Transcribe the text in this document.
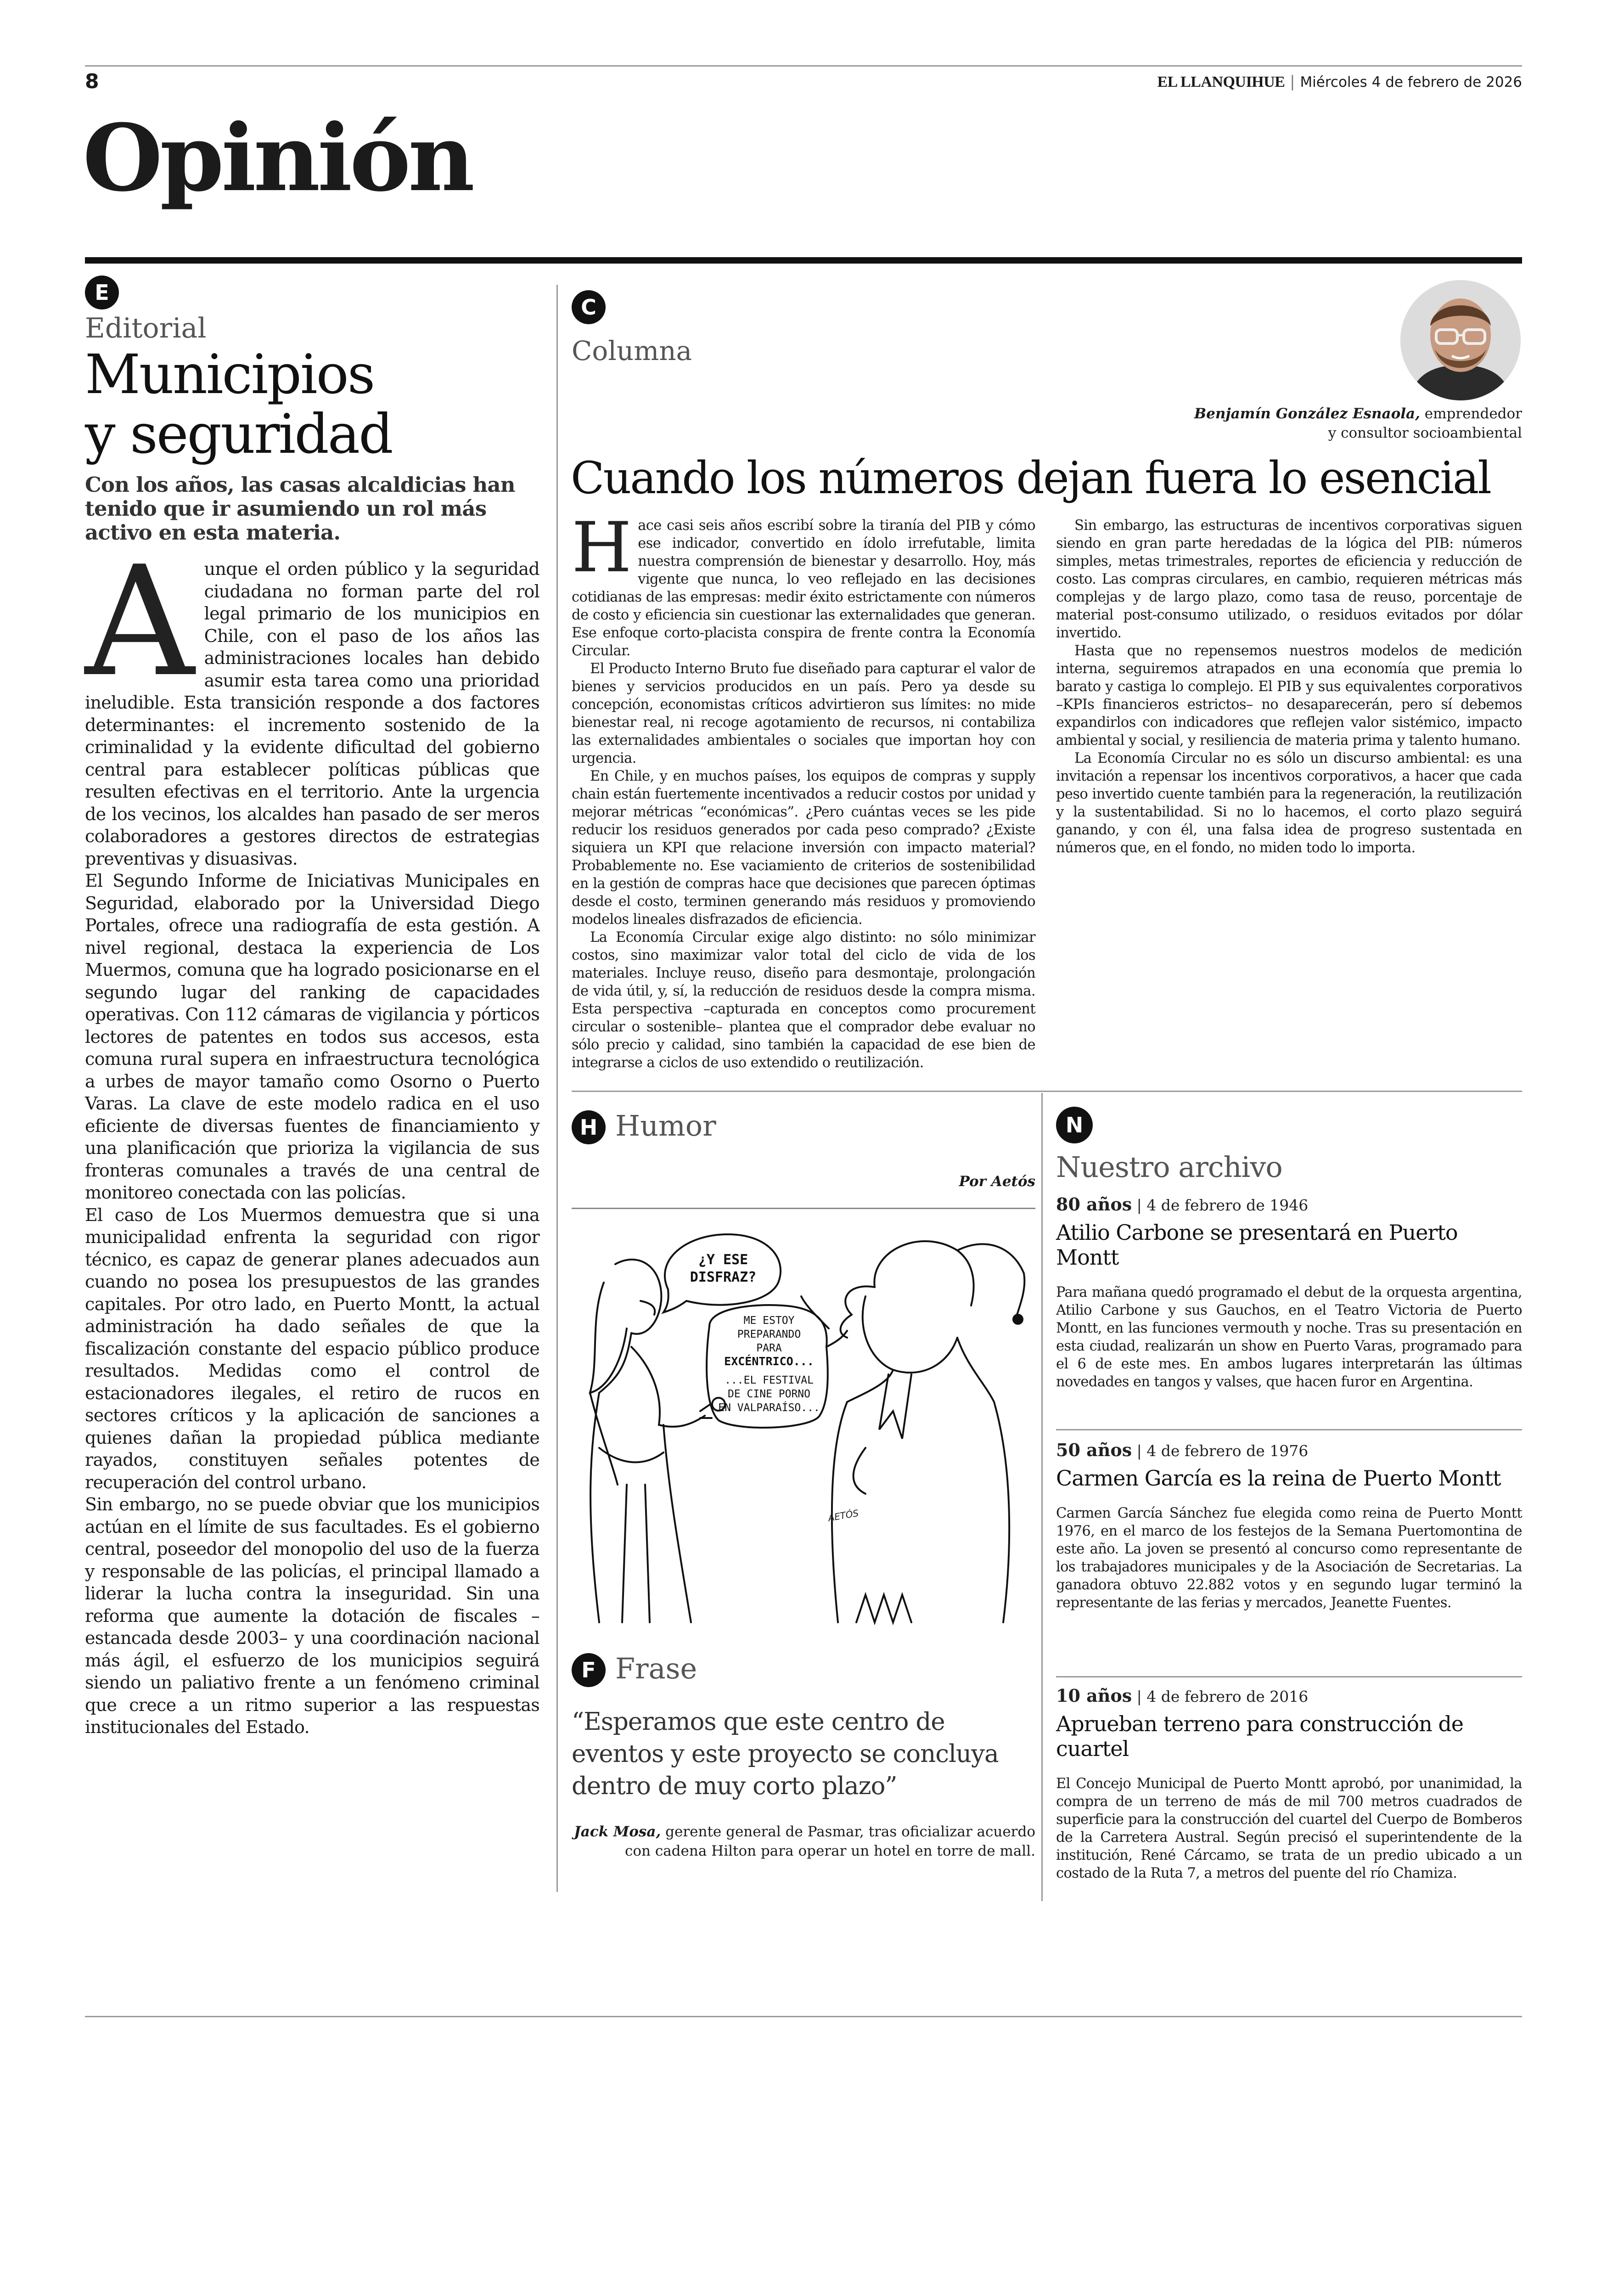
8	EL LLANQUIHUE | Miércoles 4 de febrero de 2026
Opinión
E
Editorial
Municipios
y seguridad
Con los años, las casas alcaldicias han tenido que ir asumiendo un rol más activo en esta materia.

Aunque el orden público y la seguridad ciudadana no forman parte del rol legal primario de los municipios en Chile, con el paso de los años las administraciones locales han debido asumir esta tarea como una prioridad ineludible. Esta transición responde a dos factores determinantes: el incremento sostenido de la criminalidad y la evidente dificultad del gobierno central para establecer políticas públicas que resulten efectivas en el territorio. Ante la urgencia de los vecinos, los alcaldes han pasado de ser meros colaboradores a gestores directos de estrategias preventivas y disuasivas.

El Segundo Informe de Iniciativas Municipales en Seguridad, elaborado por la Universidad Diego Portales, ofrece una radiografía de esta gestión. A nivel regional, destaca la experiencia de Los Muermos, comuna que ha logrado posicionarse en el segundo lugar del ranking de capacidades operativas. Con 112 cámaras de vigilancia y pórticos lectores de patentes en todos sus accesos, esta comuna rural supera en infraestructura tecnológica a urbes de mayor tamaño como Osorno o Puerto Varas. La clave de este modelo radica en el uso eficiente de diversas fuentes de financiamiento y una planificación que prioriza la vigilancia de sus fronteras comunales a través de una central de monitoreo conectada con las policías.

El caso de Los Muermos demuestra que si una municipalidad enfrenta la seguridad con rigor técnico, es capaz de generar planes adecuados aun cuando no posea los presupuestos de las grandes capitales. Por otro lado, en Puerto Montt, la actual administración ha dado señales de que la fiscalización constante del espacio público produce resultados. Medidas como el control de estacionadores ilegales, el retiro de rucos en sectores críticos y la aplicación de sanciones a quienes dañan la propiedad pública mediante rayados, constituyen señales potentes de recuperación del control urbano.

Sin embargo, no se puede obviar que los municipios actúan en el límite de sus facultades. Es el gobierno central, poseedor del monopolio del uso de la fuerza y responsable de las policías, el principal llamado a liderar la lucha contra la inseguridad. Sin una reforma que aumente la dotación de fiscales –estancada desde 2003– y una coordinación nacional más ágil, el esfuerzo de los municipios seguirá siendo un paliativo frente a un fenómeno criminal que crece a un ritmo superior a las respuestas institucionales del Estado.

C
Columna
Benjamín González Esnaola, emprendedor
y consultor socioambiental
Cuando los números dejan fuera lo esencial

Hace casi seis años escribí sobre la tiranía del PIB y cómo ese indicador, convertido en ídolo irrefutable, limita nuestra comprensión de bienestar y desarrollo. Hoy, más vigente que nunca, lo veo reflejado en las decisiones cotidianas de las empresas: medir éxito estrictamente con números de costo y eficiencia sin cuestionar las externalidades que generan. Ese enfoque corto-placista conspira de frente contra la Economía Circular.

El Producto Interno Bruto fue diseñado para capturar el valor de bienes y servicios producidos en un país. Pero ya desde su concepción, economistas críticos advirtieron sus límites: no mide bienestar real, ni recoge agotamiento de recursos, ni contabiliza las externalidades ambientales o sociales que importan hoy con urgencia.

En Chile, y en muchos países, los equipos de compras y supply chain están fuertemente incentivados a reducir costos por unidad y mejorar métricas “económicas”. ¿Pero cuántas veces se les pide reducir los residuos generados por cada peso comprado? ¿Existe siquiera un KPI que relacione inversión con impacto material? Probablemente no. Ese vaciamiento de criterios de sostenibilidad en la gestión de compras hace que decisiones que parecen óptimas desde el costo, terminen generando más residuos y promoviendo modelos lineales disfrazados de eficiencia.

La Economía Circular exige algo distinto: no sólo minimizar costos, sino maximizar valor total del ciclo de vida de los materiales. Incluye reuso, diseño para desmontaje, prolongación de vida útil, y, sí, la reducción de residuos desde la compra misma. Esta perspectiva –capturada en conceptos como procurement circular o sostenible– plantea que el comprador debe evaluar no sólo precio y calidad, sino también la capacidad de ese bien de integrarse a ciclos de uso extendido o reutilización.

Sin embargo, las estructuras de incentivos corporativas siguen siendo en gran parte heredadas de la lógica del PIB: números simples, metas trimestrales, reportes de eficiencia y reducción de costo. Las compras circulares, en cambio, requieren métricas más complejas y de largo plazo, como tasa de reuso, porcentaje de material post-consumo utilizado, o residuos evitados por dólar invertido.

Hasta que no repensemos nuestros modelos de medición interna, seguiremos atrapados en una economía que premia lo barato y castiga lo complejo. El PIB y sus equivalentes corporativos –KPIs financieros estrictos– no desaparecerán, pero sí debemos expandirlos con indicadores que reflejen valor sistémico, impacto ambiental y social, y resiliencia de materia prima y talento humano.

La Economía Circular no es sólo un discurso ambiental: es una invitación a repensar los incentivos corporativos, a hacer que cada peso invertido cuente también para la regeneración, la reutilización y la sustentabilidad. Si no lo hacemos, el corto plazo seguirá ganando, y con él, una falsa idea de progreso sustentada en números que, en el fondo, no miden todo lo importa.

H Humor
Por Aetós
¿Y ESE
DISFRAZ?
ME ESTOY
PREPARANDO
PARA
EXCÉNTRICO...
...EL FESTIVAL
DE CINE PORNO
EN VALPARAÍSO...
AETÓS
F Frase
“Esperamos que este centro de eventos y este proyecto se concluya dentro de muy corto plazo”
Jack Mosa, gerente general de Pasmar, tras oficializar acuerdo
con cadena Hilton para operar un hotel en torre de mall.
N
Nuestro archivo
80 años | 4 de febrero de 1946
Atilio Carbone se presentará en Puerto Montt

Para mañana quedó programado el debut de la orquesta argentina, Atilio Carbone y sus Gauchos, en el Teatro Victoria de Puerto Montt, en las funciones vermouth y noche. Tras su presentación en esta ciudad, realizarán un show en Puerto Varas, programado para el 6 de este mes. En ambos lugares interpretarán las últimas novedades en tangos y valses, que hacen furor en Argentina.

50 años | 4 de febrero de 1976
Carmen García es la reina de Puerto Montt

Carmen García Sánchez fue elegida como reina de Puerto Montt 1976, en el marco de los festejos de la Semana Puertomontina de este año. La joven se presentó al concurso como representante de los trabajadores municipales y de la Asociación de Secretarias. La ganadora obtuvo 22.882 votos y en segundo lugar terminó la representante de las ferias y mercados, Jeanette Fuentes.

10 años | 4 de febrero de 2016
Aprueban terreno para construcción de cuartel

El Concejo Municipal de Puerto Montt aprobó, por unanimidad, la compra de un terreno de más de mil 700 metros cuadrados de superficie para la construcción del cuartel del Cuerpo de Bomberos de la Carretera Austral. Según precisó el superintendente de la institución, René Cárcamo, se trata de un predio ubicado a un costado de la Ruta 7, a metros del puente del río Chamiza.
